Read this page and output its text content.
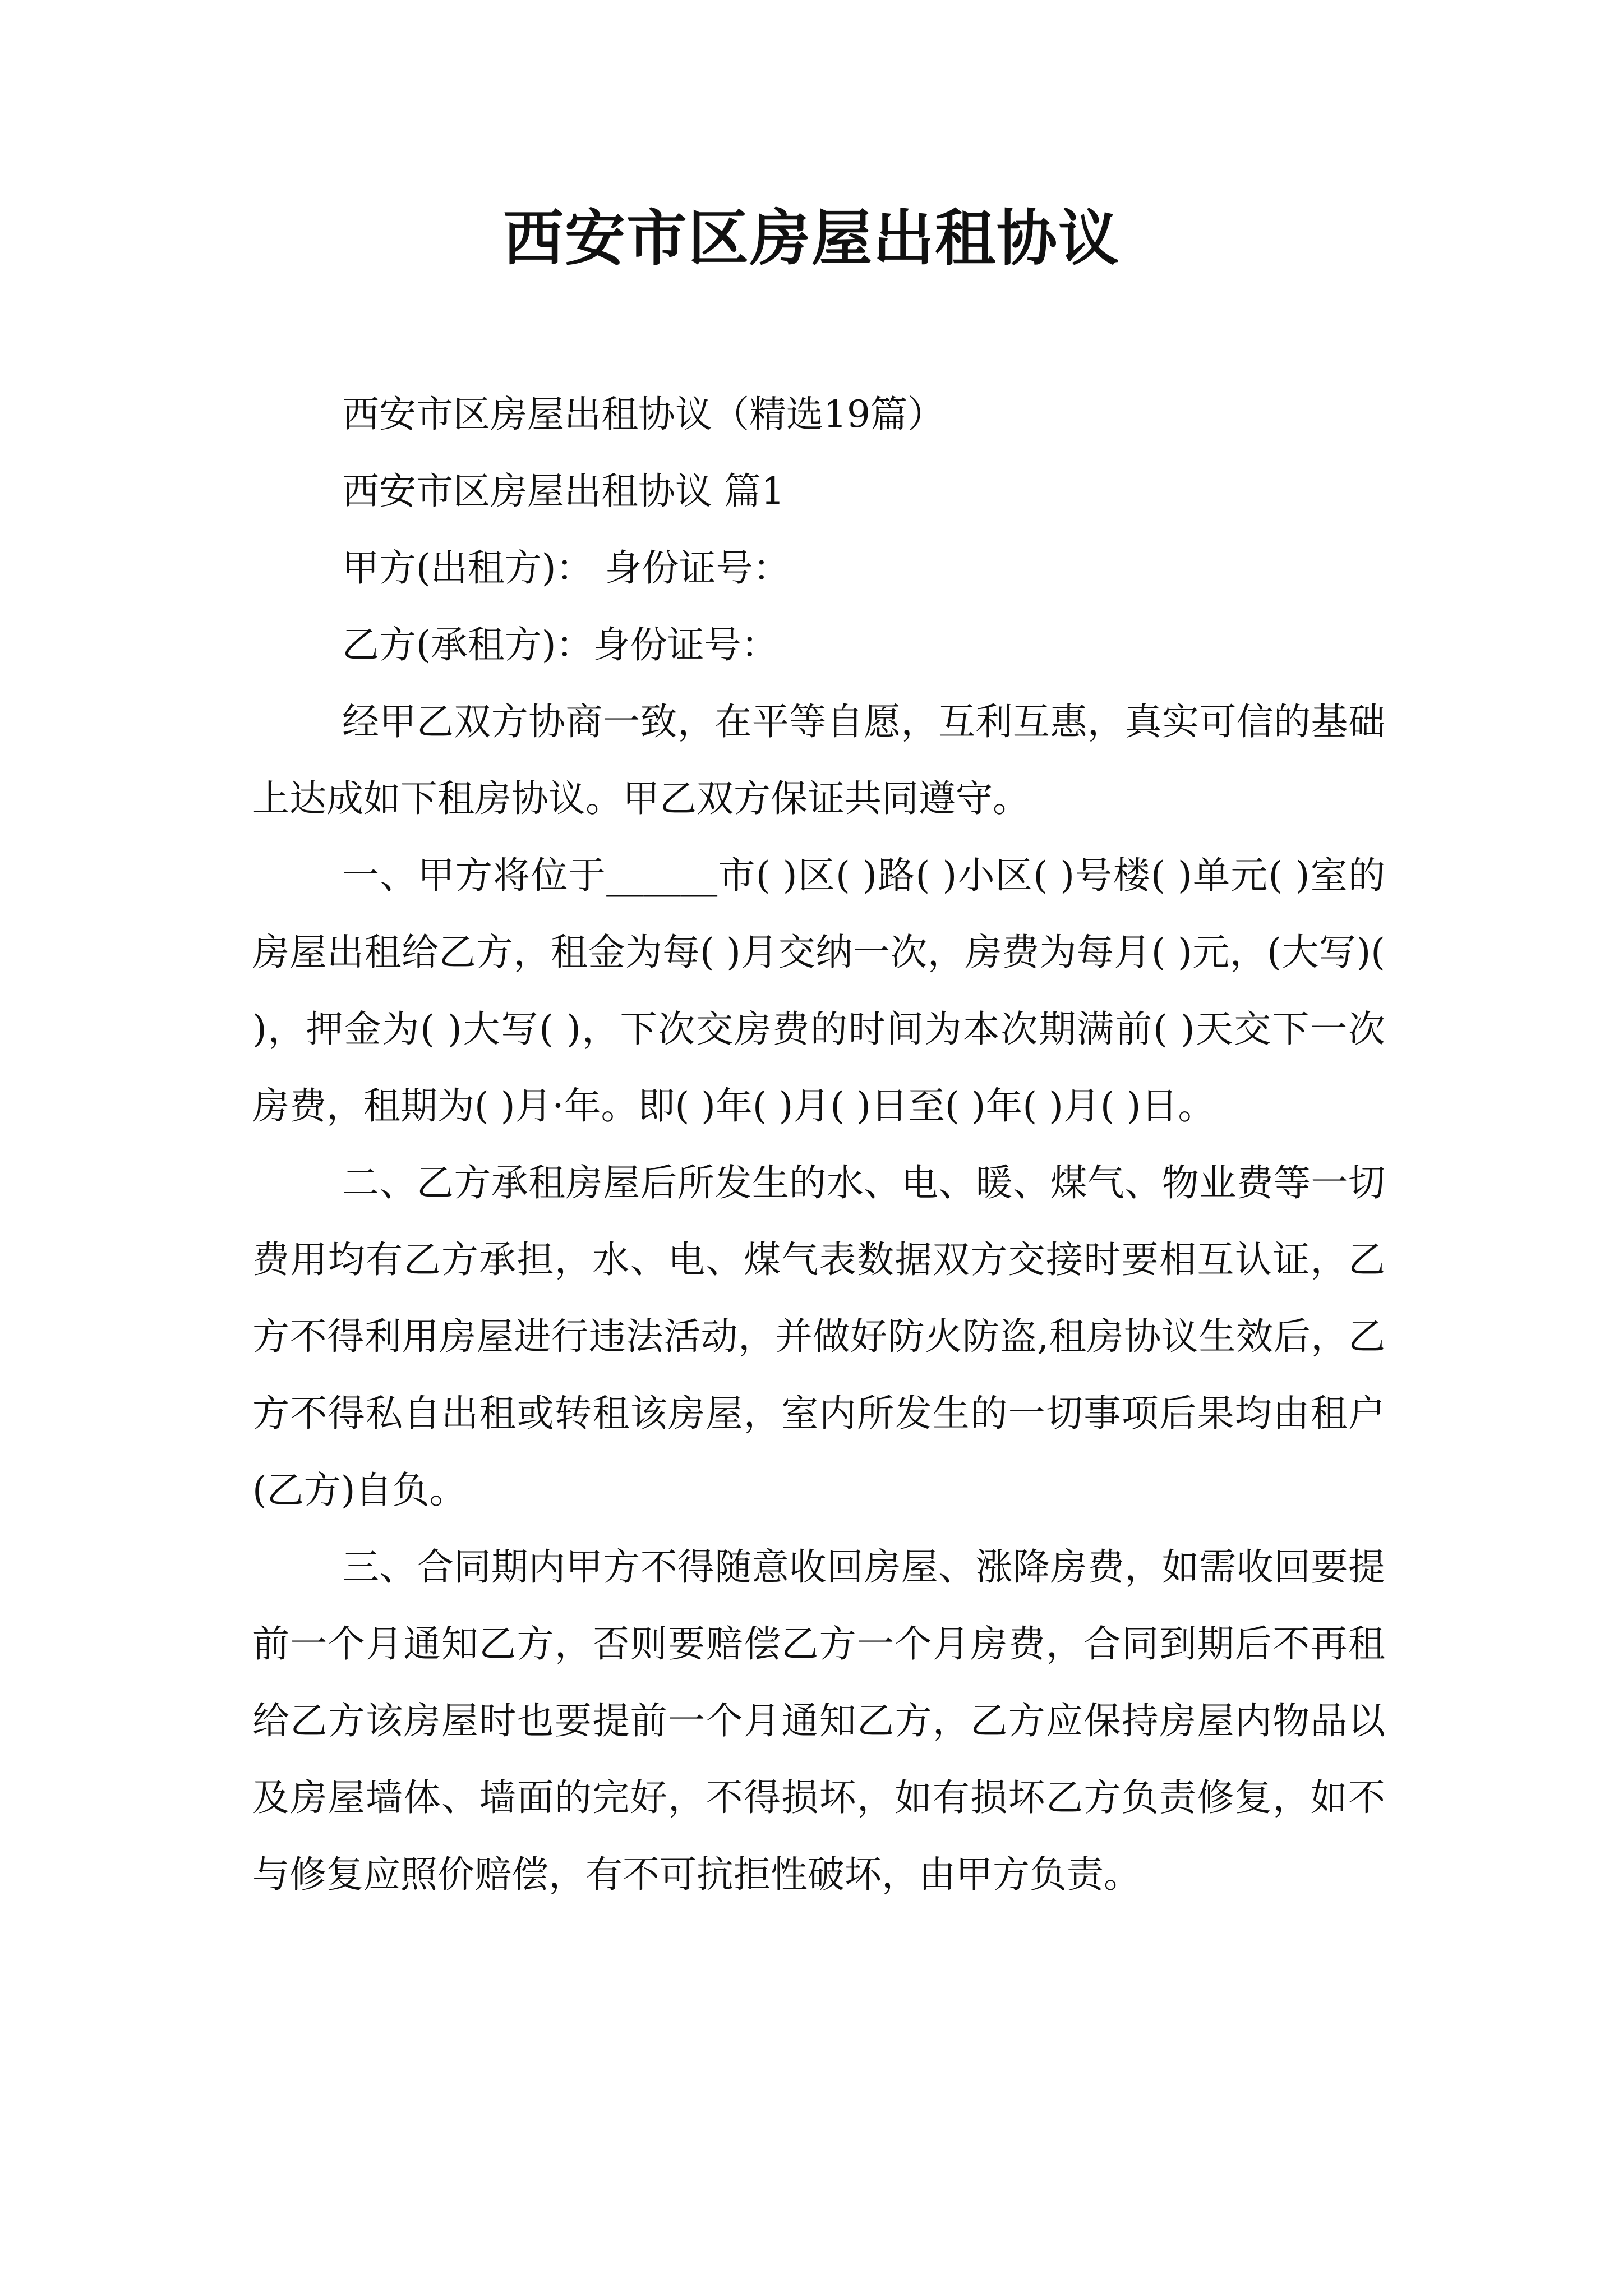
西安市区房屋出租协议

西安市区房屋出租协议（精选19篇）

西安市区房屋出租协议 篇1

甲方(出租方)： 身份证号：

乙方(承租方)：身份证号：

经甲乙双方协商一致，在平等自愿，互利互惠，真实可信的基础上达成如下租房协议。甲乙双方保证共同遵守。

一、甲方将位于______市( )区( )路( )小区( )号楼( )单元( )室的房屋出租给乙方，租金为每( )月交纳一次，房费为每月( )元，(大写)( )，押金为( )大写( )，下次交房费的时间为本次期满前( )天交下一次房费，租期为( )月·年。即( )年( )月( )日至( )年( )月( )日。

二、乙方承租房屋后所发生的水、电、暖、煤气、物业费等一切费用均有乙方承担，水、电、煤气表数据双方交接时要相互认证，乙方不得利用房屋进行违法活动，并做好防火防盗,租房协议生效后，乙方不得私自出租或转租该房屋，室内所发生的一切事项后果均由租户(乙方)自负。

三、合同期内甲方不得随意收回房屋、涨降房费，如需收回要提前一个月通知乙方，否则要赔偿乙方一个月房费，合同到期后不再租给乙方该房屋时也要提前一个月通知乙方，乙方应保持房屋内物品以及房屋墙体、墙面的完好，不得损坏，如有损坏乙方负责修复，如不与修复应照价赔偿，有不可抗拒性破坏，由甲方负责。
